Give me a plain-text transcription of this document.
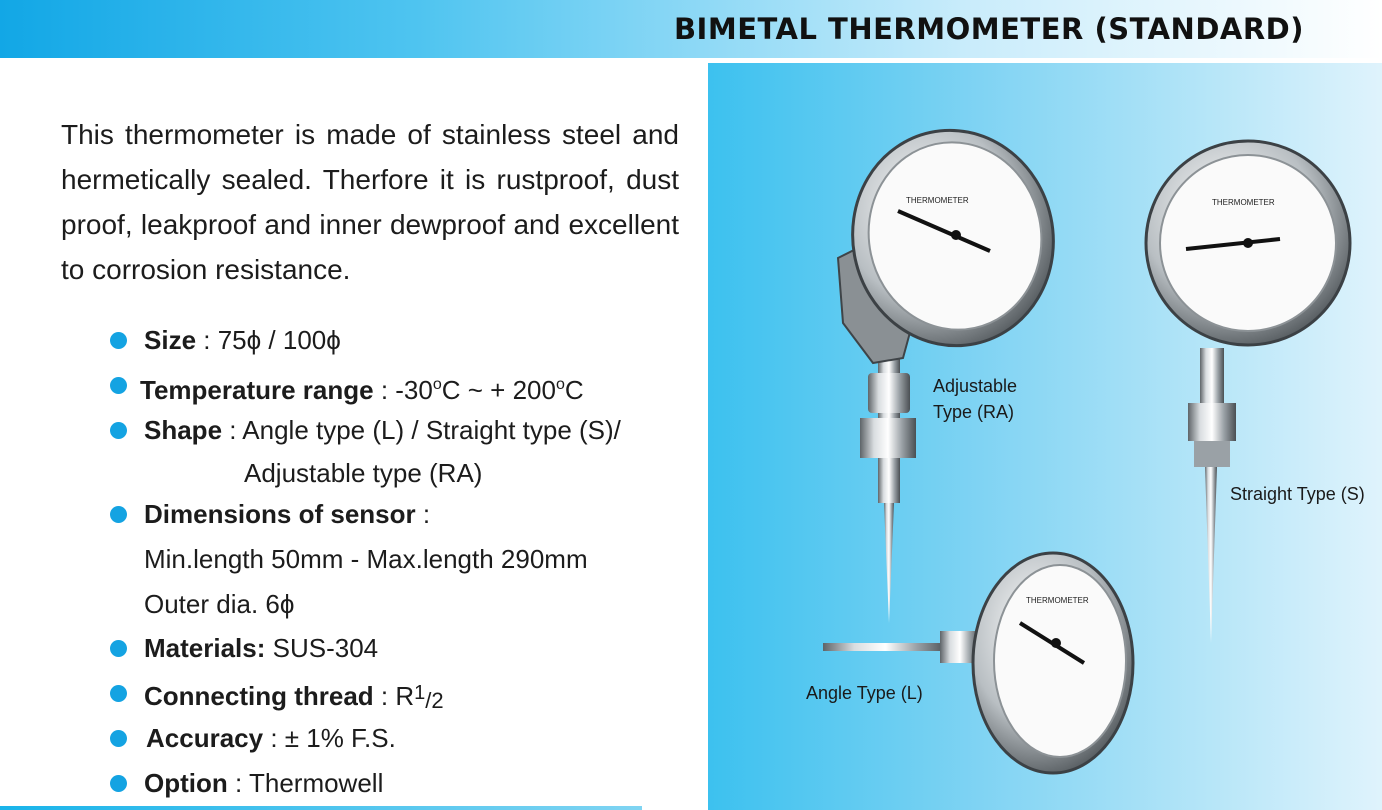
BIMETAL THERMOMETER (STANDARD)

This thermometer is made of stainless steel and hermetically sealed. Therfore it is rustproof, dust proof, leakproof and inner dewproof and excellent to corrosion resistance.

Size : 75ϕ / 100ϕ
Temperature range : -30$^o$C ~ + $200^oC$
Shape : Angle type (L) / Straight type (S)/
Adjustable type (RA)
Dimensions of sensor :
Min.length 50mm - Max.length 290mm
Outer dia. 6ϕ
Materials: SUS-304
Connecting thread : $R^1/2$
Accuracy : ± 1% F.S.
Option : Thermowell
THERMOMETER	THERMOMETER
THERMOMETER
Adjustable
Type (RA)
Straight Type (S)
Angle Type (L)
